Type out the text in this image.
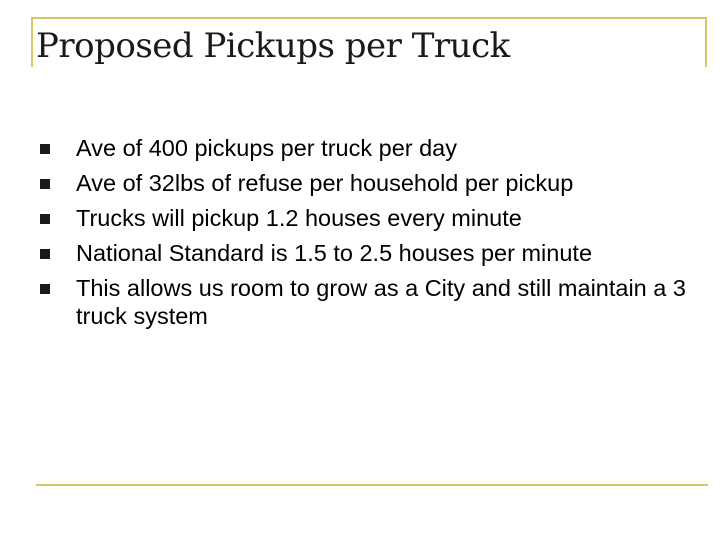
Proposed Pickups per Truck
Ave of 400 pickups per truck per day
Ave of 32lbs of refuse per household per pickup
Trucks will pickup 1.2 houses every minute
National Standard is 1.5 to 2.5 houses per minute
This allows us room to grow as a City and still maintain a 3 truck system
